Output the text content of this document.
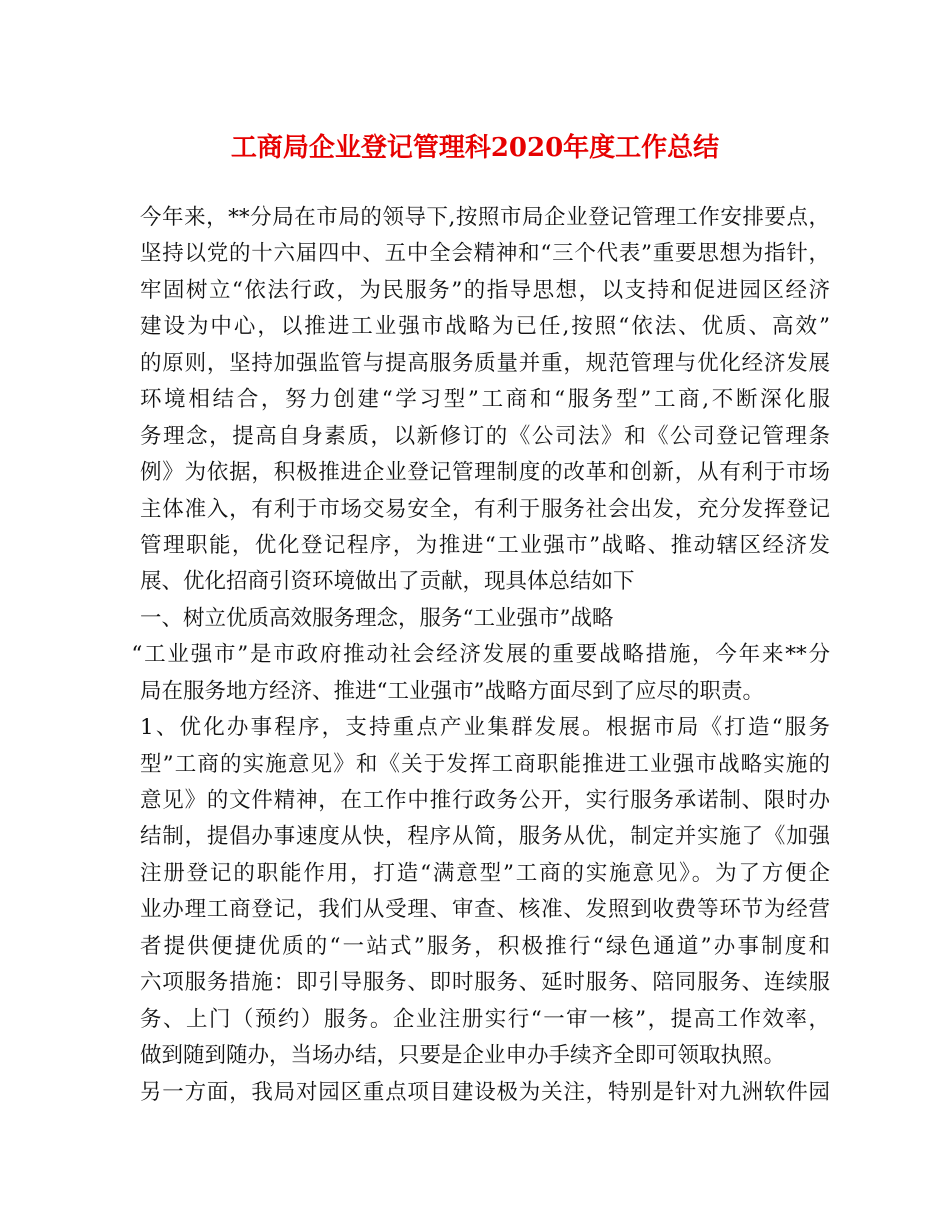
工商局企业登记管理科2020年度工作总结

今年来，**分局在市局的领导下,按照市局企业登记管理工作安排要点，

坚持以党的十六届四中、五中全会精神和“三个代表”重要思想为指针，

牢固树立“依法行政，为民服务”的指导思想，以支持和促进园区经济

建设为中心，以推进工业强市战略为已任,按照“依法、优质、高效”

的原则，坚持加强监管与提高服务质量并重，规范管理与优化经济发展

环境相结合，努力创建“学习型”工商和“服务型”工商,不断深化服

务理念，提高自身素质，以新修订的《公司法》和《公司登记管理条

例》为依据，积极推进企业登记管理制度的改革和创新，从有利于市场

主体准入，有利于市场交易安全，有利于服务社会出发，充分发挥登记

管理职能，优化登记程序，为推进“工业强市”战略、推动辖区经济发

展、优化招商引资环境做出了贡献，现具体总结如下

一、树立优质高效服务理念，服务“工业强市”战略

“工业强市”是市政府推动社会经济发展的重要战略措施，今年来**分

局在服务地方经济、推进“工业强市”战略方面尽到了应尽的职责。

1、优化办事程序，支持重点产业集群发展。根据市局《打造“服务

型”工商的实施意见》和《关于发挥工商职能推进工业强市战略实施的

意见》的文件精神，在工作中推行政务公开，实行服务承诺制、限时办

结制，提倡办事速度从快，程序从简，服务从优，制定并实施了《加强

注册登记的职能作用，打造“满意型”工商的实施意见》。为了方便企

业办理工商登记，我们从受理、审查、核准、发照到收费等环节为经营

者提供便捷优质的“一站式”服务，积极推行“绿色通道”办事制度和

六项服务措施：即引导服务、即时服务、延时服务、陪同服务、连续服

务、上门（预约）服务。企业注册实行“一审一核”，提高工作效率，

做到随到随办，当场办结，只要是企业申办手续齐全即可领取执照。

另一方面，我局对园区重点项目建设极为关注，特别是针对九洲软件园
